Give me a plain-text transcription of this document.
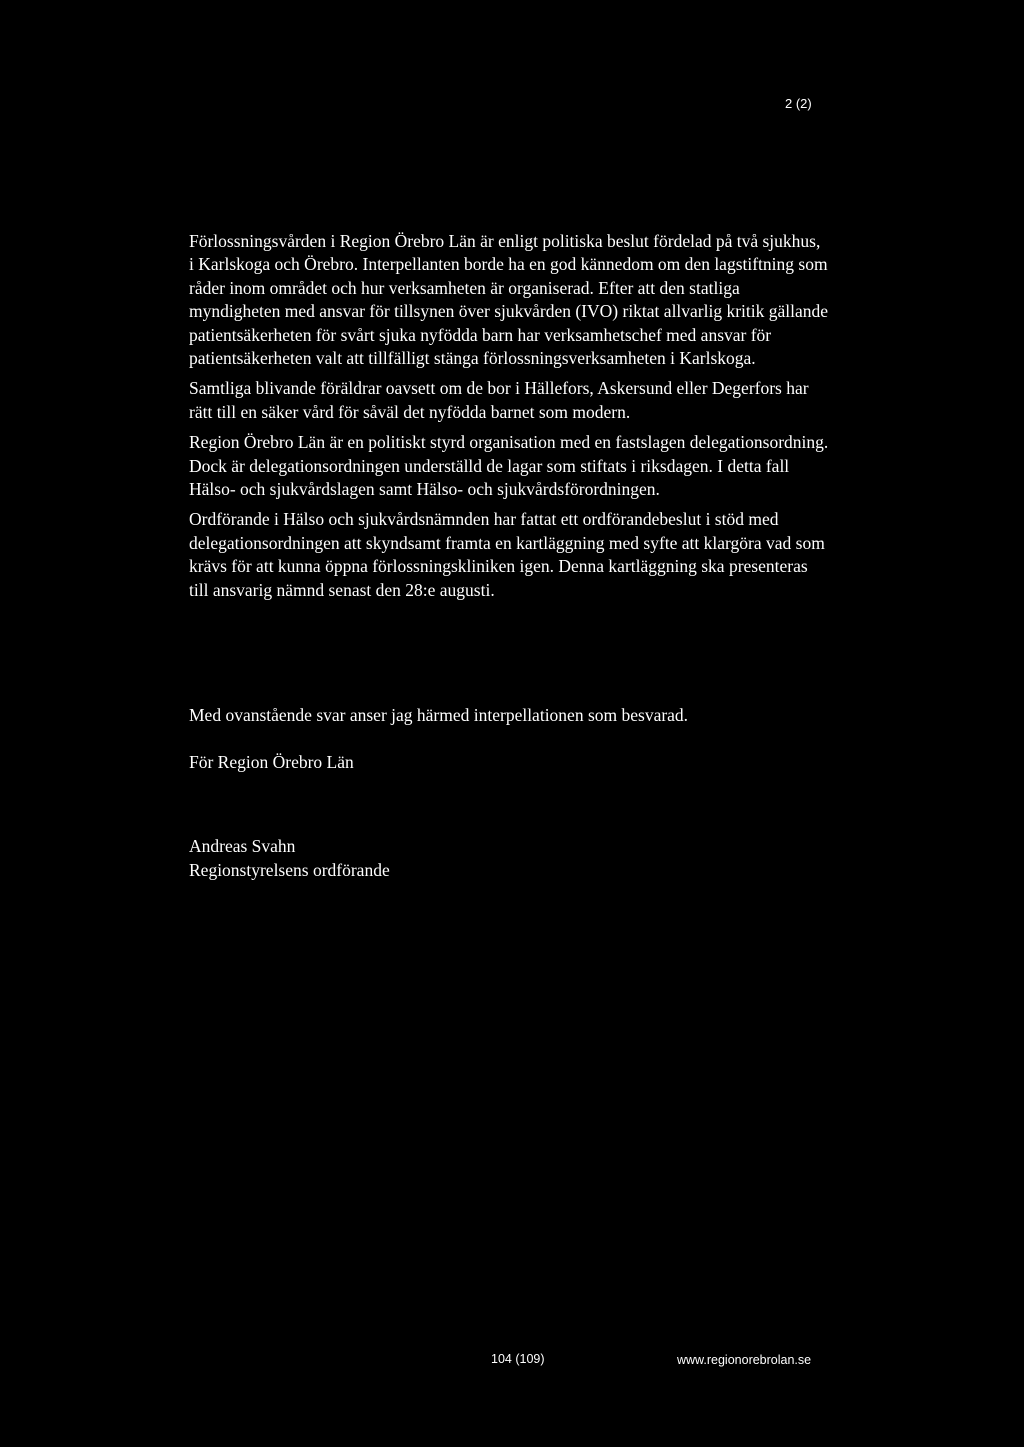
2 (2)

Förlossningsvården i Region Örebro Län är enligt politiska beslut fördelad på två sjukhus, i Karlskoga och Örebro. Interpellanten borde ha en god kännedom om den lagstiftning som råder inom området och hur verksamheten är organiserad. Efter att den statliga myndigheten med ansvar för tillsynen över sjukvården (IVO) riktat allvarlig kritik gällande patientsäkerheten för svårt sjuka nyfödda barn har verksamhetschef med ansvar för patientsäkerheten valt att tillfälligt stänga förlossningsverksamheten i Karlskoga.

Samtliga blivande föräldrar oavsett om de bor i Hällefors, Askersund eller Degerfors har rätt till en säker vård för såväl det nyfödda barnet som modern.

Region Örebro Län är en politiskt styrd organisation med en fastslagen delegationsordning. Dock är delegationsordningen underställd de lagar som stiftats i riksdagen. I detta fall Hälso- och sjukvårdslagen samt Hälso- och sjukvårdsförordningen.

Ordförande i Hälso och sjukvårdsnämnden har fattat ett ordförandebeslut i stöd med delegationsordningen att skyndsamt framta en kartläggning med syfte att klargöra vad som krävs för att kunna öppna förlossningskliniken igen. Denna kartläggning ska presenteras till ansvarig nämnd senast den 28:e augusti.

Med ovanstående svar anser jag härmed interpellationen som besvarad.
För Region Örebro Län
Andreas Svahn
Regionstyrelsens ordförande
104 (109)	www.regionorebrolan.se
